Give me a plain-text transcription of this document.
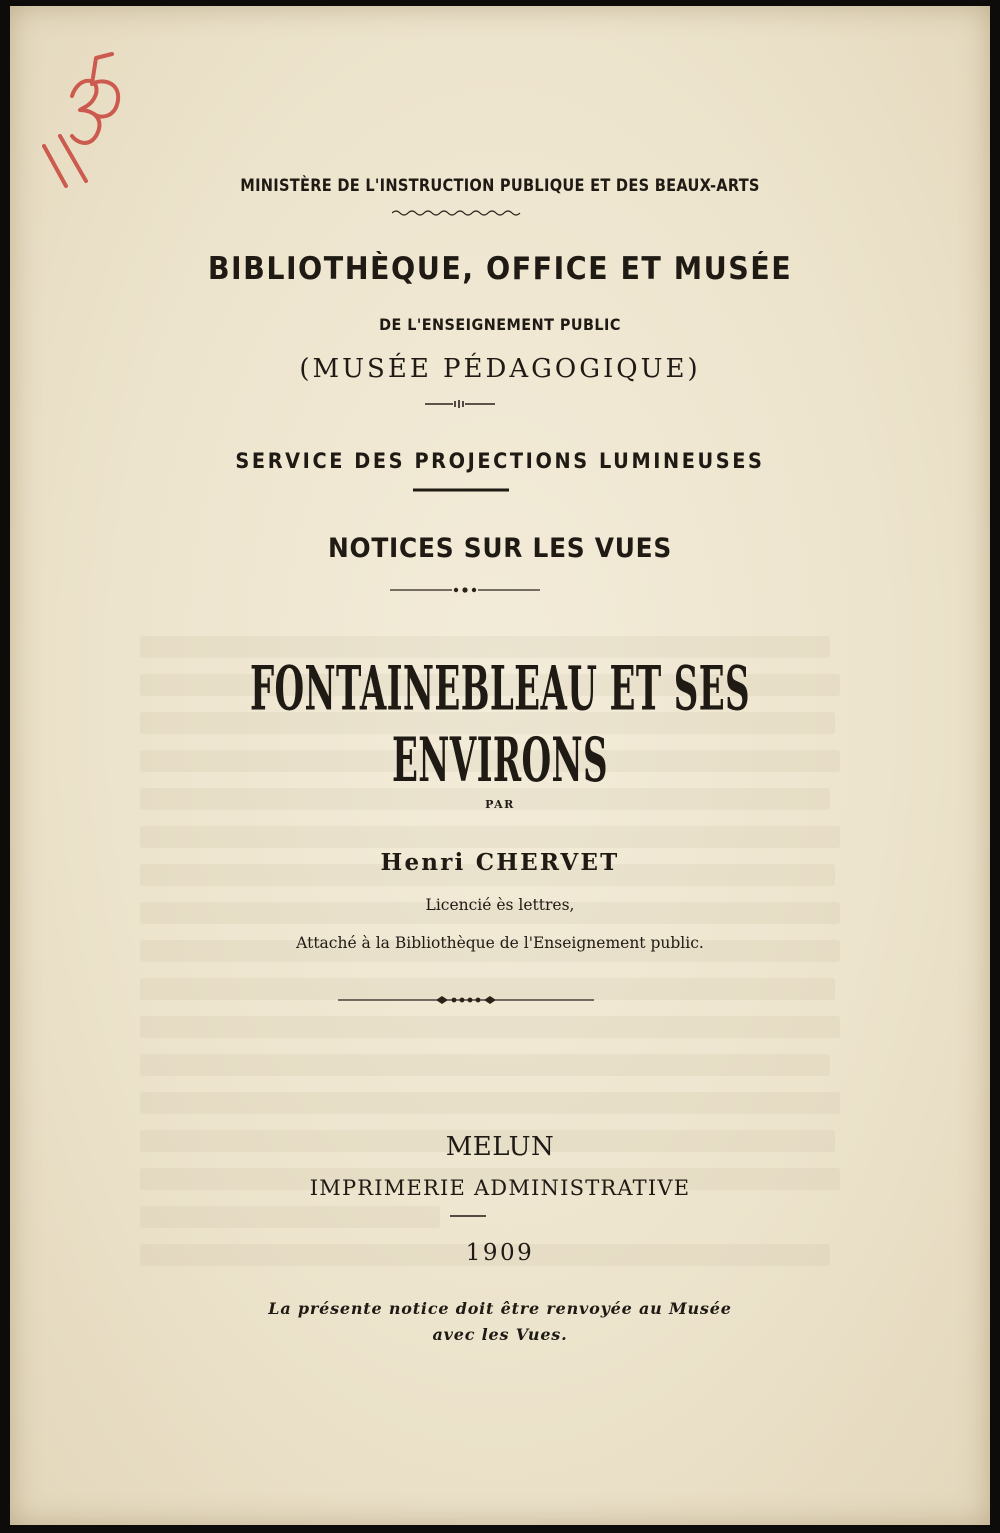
MINISTÈRE DE L'INSTRUCTION PUBLIQUE ET DES BEAUX-ARTS
BIBLIOTHÈQUE, OFFICE ET MUSÉE
DE L'ENSEIGNEMENT PUBLIC
(MUSÉE PÉDAGOGIQUE)
SERVICE DES PROJECTIONS LUMINEUSES
NOTICES SUR LES VUES
FONTAINEBLEAU ET SES ENVIRONS
PAR
Henri CHERVET
Licencié ès lettres,
Attaché à la Bibliothèque de l'Enseignement public.
MELUN
IMPRIMERIE ADMINISTRATIVE
1909
La présente notice doit être renvoyée au Musée
avec les Vues.
